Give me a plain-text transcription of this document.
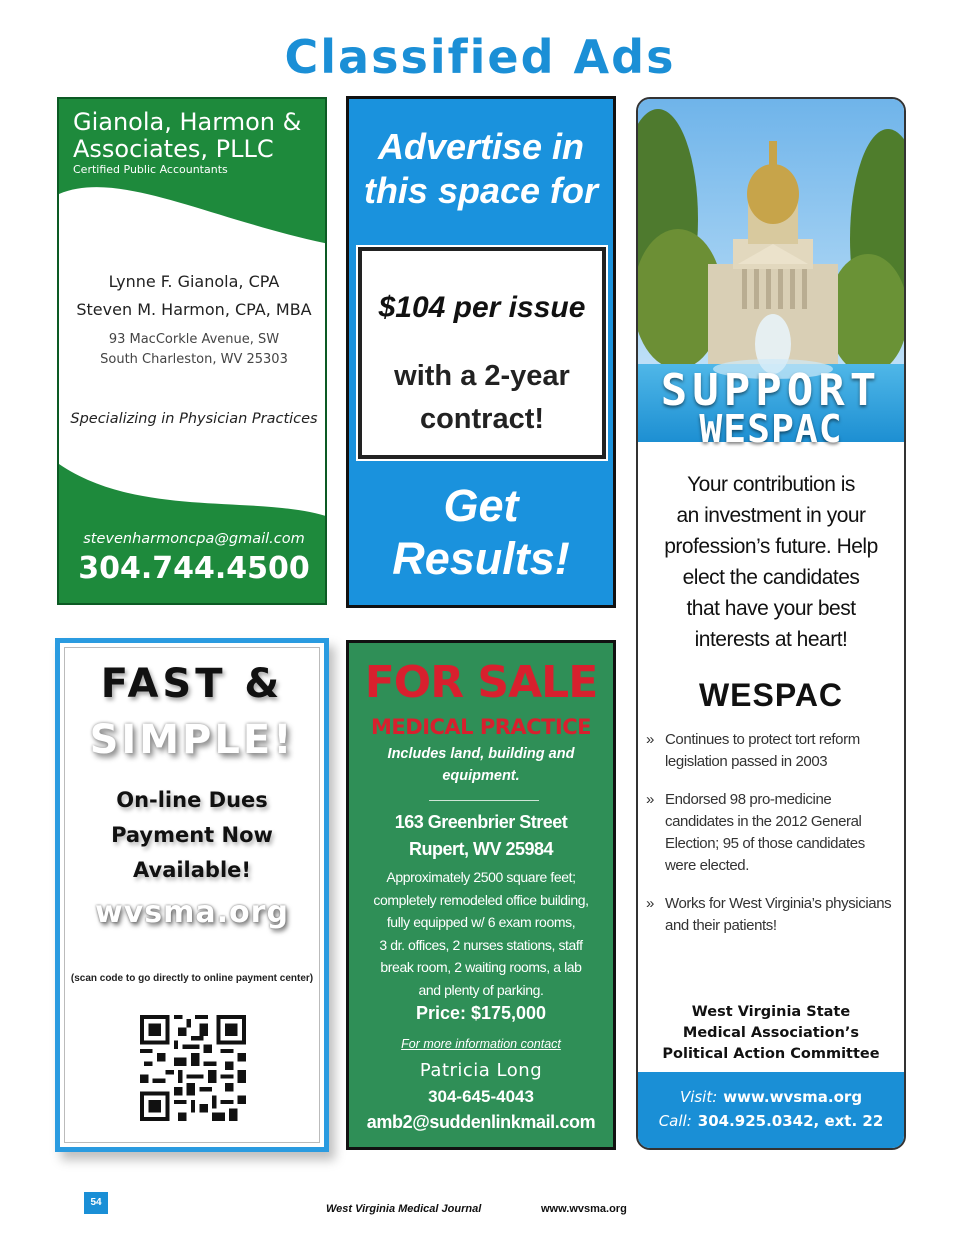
Classified Ads
Gianola, Harmon &
Associates, PLLC
Certified Public Accountants
Lynne F. Gianola, CPA
Steven M. Harmon, CPA, MBA
93 MacCorkle Avenue, SW
South Charleston, WV 25303
Specializing in Physician Practices
stevenharmoncpa@gmail.com
304.744.4500
Advertise in
this space for
$104 per issue
with a 2-year
contract!
Get
Results!
SUPPORT
WESPAC
Your contribution is
an investment in your
profession’s future. Help
elect the candidates
that have your best
interests at heart!
WESPAC
» Continues to protect tort reform legislation passed in 2003
» Endorsed 98 pro-medicine candidates in the 2012 General Election; 95 of those candidates were elected.
» Works for West Virginia’s physicians and their patients!
West Virginia State
Medical Association’s
Political Action Committee
Visit: www.wvsma.org
Call: 304.925.0342, ext. 22
FAST &
SIMPLE!
On-line Dues
Payment Now
Available!
wvsma.org
(scan code to go directly to online payment center)
FOR SALE
MEDICAL PRACTICE
Includes land, building and
equipment.
163 Greenbrier Street
Rupert, WV 25984
Approximately 2500 square feet;
completely remodeled office building,
fully equipped w/ 6 exam rooms,
3 dr. offices, 2 nurses stations, staff
break room, 2 waiting rooms, a lab
and plenty of parking.
Price: $175,000
For more information contact
Patricia Long
304-645-4043
amb2@suddenlinkmail.com
54
West Virginia Medical Journal	www.wvsma.org
